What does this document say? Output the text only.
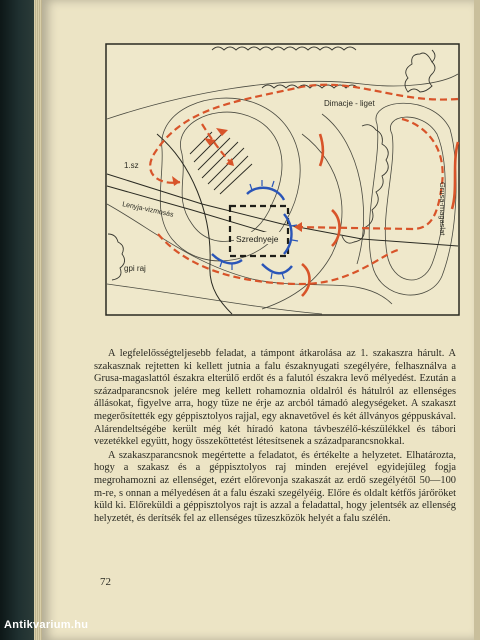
Dimacje - liget
Grusa-magaslat
Szrednyeje
Lenyja-vizmosás
1.sz
gpi raj

A legfelelősségteljesebb feladat, a támpont átkarolása az 1. szakaszra hárult. A szakasznak rejtetten ki kellett jutnia a falu északnyugati szegélyére, felhasználva a Grusa-magaslattól északra elterülő erdőt és a falutól északra levő mélyedést. Ezután a századparancsnok jelére meg kellett rohamoznia oldalról és hátulról az ellenséges állásokat, figyelve arra, hogy tüze ne érje az arcból támadó alegységeket. A szakaszt megerősítették egy géppisztolyos rajjal, egy aknavetővel és két állványos géppuskával. Alárendeltségébe került még két híradó katona távbeszélő-készülékkel és tábori vezetékkel együtt, hogy összeköttetést létesítsenek a századparancsnokkal.

A szakaszparancsnok megértette a feladatot, és értékelte a helyzetet. Elhatározta, hogy a szakasz és a géppisztolyos raj minden erejével egyidejűleg fogja megrohamozni az ellenséget, ezért előrevonja szakaszát az erdő szegélyétől 50—100 m-re, s onnan a mélyedésen át a falu északi szegélyéig. Előre és oldalt kétfős járőröket küld ki. Előreküldi a géppisztolyos rajt is azzal a feladattal, hogy jelentsék az ellenség helyzetét, és derítsék fel az ellenséges tűzeszközök helyét a falu szélén.

72
Antikvarium.hu
